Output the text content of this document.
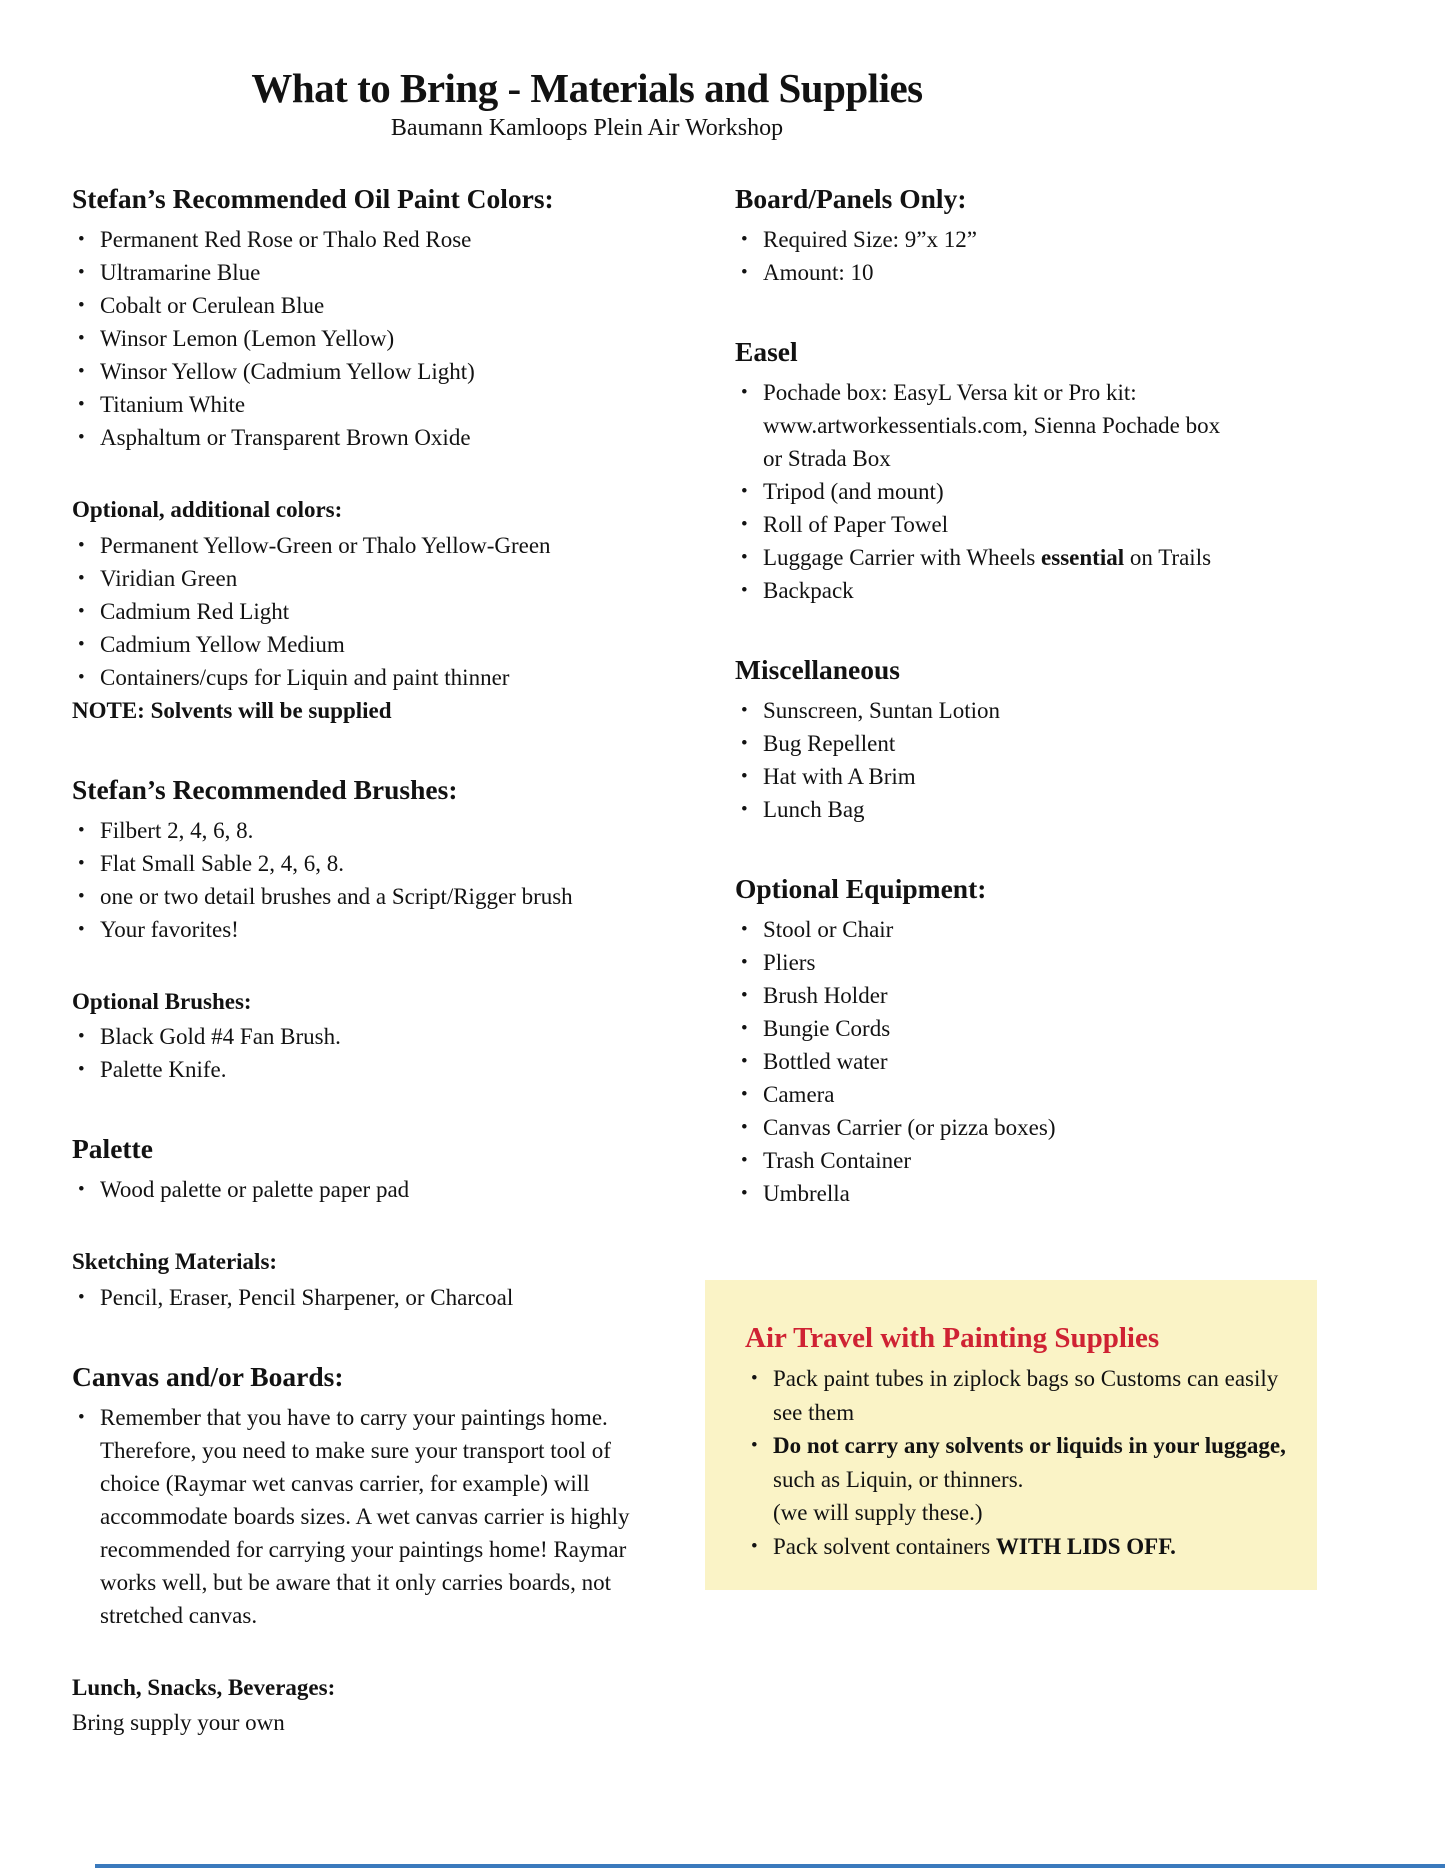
What to Bring - Materials and Supplies
Baumann Kamloops Plein Air Workshop
Stefan’s Recommended Oil Paint Colors:
• Permanent Red Rose or Thalo Red Rose
• Ultramarine Blue
• Cobalt or Cerulean Blue
• Winsor Lemon (Lemon Yellow)
• Winsor Yellow (Cadmium Yellow Light)
• Titanium White
• Asphaltum or Transparent Brown Oxide
Optional, additional colors:
• Permanent Yellow-Green or Thalo Yellow-Green
• Viridian Green
• Cadmium Red Light
• Cadmium Yellow Medium
• Containers/cups for Liquin and paint thinner
NOTE: Solvents will be supplied
Stefan’s Recommended Brushes:
• Filbert 2, 4, 6, 8.
• Flat Small Sable 2, 4, 6, 8.
• one or two detail brushes and a Script/Rigger brush
• Your favorites!
Optional Brushes:
• Black Gold #4 Fan Brush.
• Palette Knife.
Palette
• Wood palette or palette paper pad
Sketching Materials:
• Pencil, Eraser, Pencil Sharpener, or Charcoal
Canvas and/or Boards:
• Remember that you have to carry your paintings home. Therefore, you need to make sure your transport tool of choice (Raymar wet canvas carrier, for example) will accommodate boards sizes. A wet canvas carrier is highly recommended for carrying your paintings home! Raymar works well, but be aware that it only carries boards, not stretched canvas.
Lunch, Snacks, Beverages:
Bring supply your own
Board/Panels Only:
• Required Size: 9”x 12”
• Amount: 10
Easel
• Pochade box: EasyL Versa kit or Pro kit:
www.artworkessentials.com, Sienna Pochade box
or Strada Box
• Tripod (and mount)
• Roll of Paper Towel
• Luggage Carrier with Wheels essential on Trails
• Backpack
Miscellaneous
• Sunscreen, Suntan Lotion
• Bug Repellent
• Hat with A Brim
• Lunch Bag
Optional Equipment:
• Stool or Chair
• Pliers
• Brush Holder
• Bungie Cords
• Bottled water
• Camera
• Canvas Carrier (or pizza boxes)
• Trash Container
• Umbrella
Air Travel with Painting Supplies
• Pack paint tubes in ziplock bags so Customs can easily see them
• Do not carry any solvents or liquids in your luggage, such as Liquin, or thinners.
(we will supply these.)
• Pack solvent containers WITH LIDS OFF.
